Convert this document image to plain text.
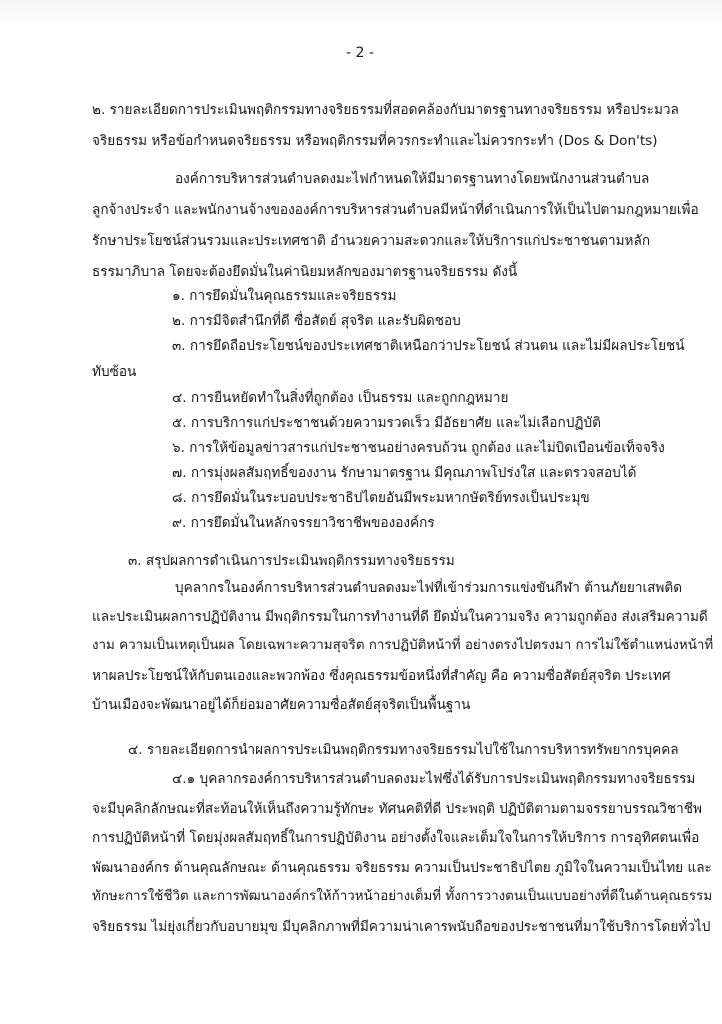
- 2 -
๒. รายละเอียดการประเมินพฤติกรรมทางจริยธรรมที่สอดคล้องกับมาตรฐานทางจริยธรรม หรือประมวล
จริยธรรม หรือข้อกำหนดจริยธรรม หรือพฤติกรรมที่ควรกระทำและไม่ควรกระทำ (Dos & Don'ts)
องค์การบริหารส่วนตำบลดงมะไฟกำหนดให้มีมาตรฐานทางโดยพนักงานส่วนตำบล
ลูกจ้างประจำ และพนักงานจ้างขององค์การบริหารส่วนตำบลมีหน้าที่ดำเนินการให้เป็นไปตามกฎหมายเพื่อ
รักษาประโยชน์ส่วนรวมและประเทศชาติ อำนวยความสะดวกและให้บริการแก่ประชาชนตามหลัก
ธรรมาภิบาล โดยจะต้องยึดมั่นในค่านิยมหลักของมาตรฐานจริยธรรม ดังนี้
๑. การยึดมั่นในคุณธรรมและจริยธรรม
๒. การมีจิตสำนึกที่ดี ซื่อสัตย์ สุจริต และรับผิดชอบ
๓. การยึดถือประโยชน์ของประเทศชาติเหนือกว่าประโยชน์ ส่วนตน และไม่มีผลประโยชน์
ทับซ้อน
๔. การยืนหยัดทำในสิ่งที่ถูกต้อง เป็นธรรม และถูกกฎหมาย
๕. การบริการแก่ประชาชนด้วยความรวดเร็ว มีอัธยาศัย และไม่เลือกปฏิบัติ
๖. การให้ข้อมูลข่าวสารแก่ประชาชนอย่างครบถ้วน ถูกต้อง และไม่บิดเบือนข้อเท็จจริง
๗. การมุ่งผลสัมฤทธิ์ของงาน รักษามาตรฐาน มีคุณภาพโปร่งใส และตรวจสอบได้
๘. การยึดมั่นในระบอบประชาธิปไตยอันมีพระมหากษัตริย์ทรงเป็นประมุข
๙. การยึดมั่นในหลักจรรยาวิชาชีพขององค์กร
๓. สรุปผลการดำเนินการประเมินพฤติกรรมทางจริยธรรม
บุคลากรในองค์การบริหารส่วนตำบลดงมะไฟที่เข้าร่วมการแข่งขันกีฬา ต้านภัยยาเสพติด
และประเมินผลการปฏิบัติงาน มีพฤติกรรมในการทำงานที่ดี ยึดมั่นในความจริง ความถูกต้อง ส่งเสริมความดี
งาม ความเป็นเหตุเป็นผล โดยเฉพาะความสุจริต การปฏิบัติหน้าที่ อย่างตรงไปตรงมา การไม่ใช้ตำแหน่งหน้าที่
หาผลประโยชน์ให้กับตนเองและพวกพ้อง ซึ่งคุณธรรมข้อหนึ่งที่สำคัญ คือ ความซื่อสัตย์สุจริต ประเทศ
บ้านเมืองจะพัฒนาอยู่ได้ก็ย่อมอาศัยความซื่อสัตย์สุจริตเป็นพื้นฐาน
๔. รายละเอียดการนำผลการประเมินพฤติกรรมทางจริยธรรมไปใช้ในการบริหารทรัพยากรบุคคล
๔.๑ บุคลากรองค์การบริหารส่วนตำบลดงมะไฟซึ่งได้รับการประเมินพฤติกรรมทางจริยธรรม
จะมีบุคลิกลักษณะที่สะท้อนให้เห็นถึงความรู้ทักษะ ทัศนคติที่ดี ประพฤติ ปฏิบัติตามตามจรรยาบรรณวิชาชีพ
การปฏิบัติหน้าที่ โดยมุ่งผลสัมฤทธิ์ในการปฏิบัติงาน อย่างตั้งใจและเต็มใจในการให้บริการ การอุทิศตนเพื่อ
พัฒนาองค์กร ด้านคุณลักษณะ ด้านคุณธรรม จริยธรรม ความเป็นประชาธิปไตย ภูมิใจในความเป็นไทย และ
ทักษะการใช้ชีวิต และการพัฒนาองค์กรให้ก้าวหน้าอย่างเต็มที่ ทั้งการวางตนเป็นแบบอย่างที่ดีในด้านคุณธรรม
จริยธรรม ไม่ยุ่งเกี่ยวกับอบายมุข มีบุคลิกภาพที่มีความน่าเคารพนับถือของประชาชนที่มาใช้บริการโดยทั่วไป
